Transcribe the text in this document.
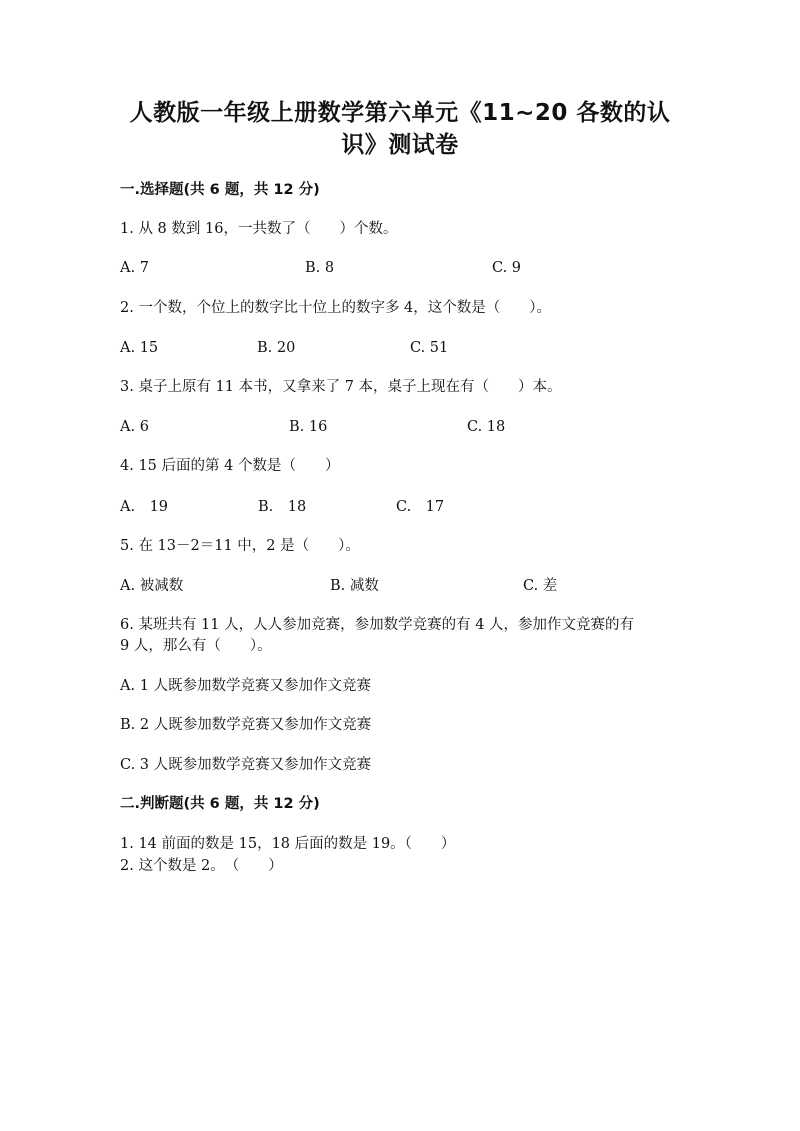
人教版一年级上册数学第六单元《11~20 各数的认
识》测试卷
一.选择题(共 6 题，共 12 分)
1. 从 8 数到 16，一共数了（　　）个数。
A. 7	B. 8	C. 9
2. 一个数，个位上的数字比十位上的数字多 4，这个数是（　　）。
A. 15	B. 20	C. 51
3. 桌子上原有 11 本书，又拿来了 7 本，桌子上现在有（　　）本。
A. 6	B. 16	C. 18
4. 15 后面的第 4 个数是（　　）
A.　19	B.　18	C.　17
5. 在 13－2＝11 中，2 是（　　）。
A. 被减数	B. 减数	C. 差
6. 某班共有 11 人，人人参加竞赛，参加数学竞赛的有 4 人，参加作文竞赛的有
9 人，那么有（　　）。
A. 1 人既参加数学竞赛又参加作文竞赛
B. 2 人既参加数学竞赛又参加作文竞赛
C. 3 人既参加数学竞赛又参加作文竞赛
二.判断题(共 6 题，共 12 分)
1. 14 前面的数是 15，18 后面的数是 19。（　　）
2. 这个数是 2。　（　　）
